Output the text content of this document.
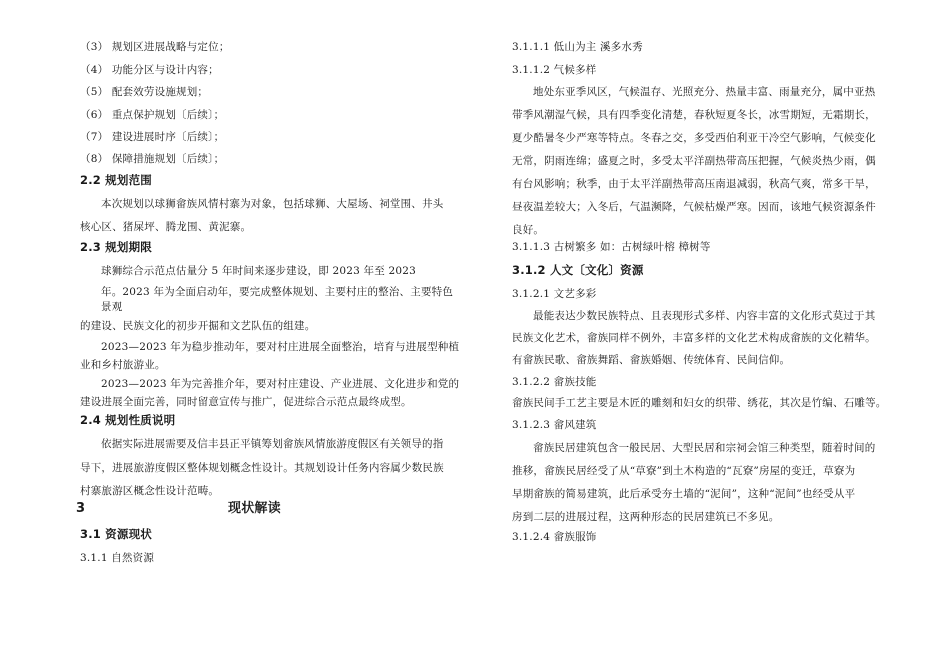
（3） 规划区进展战略与定位；
（4） 功能分区与设计内容；
（5） 配套效劳设施规划；
（6） 重点保护规划〔后续〕；
（7） 建设进展时序〔后续〕；
（8） 保障措施规划〔后续〕；
2.2 规划范围
本次规划以球狮畲族风情村寨为对象，包括球狮、大屋场、祠堂围、井头
核心区、猪屎坪、腾龙围、黄泥寨。
2.3 规划期限
球狮综合示范点估量分 5 年时间来逐步建设，即 2023 年至 2023
年。2023 年为全面启动年，要完成整体规划、主要村庄的整治、主要特色
景观
的建设、民族文化的初步开掘和文艺队伍的组建。
2023—2023 年为稳步推动年，要对村庄进展全面整治，培育与进展型种植
业和乡村旅游业。
2023—2023 年为完善推介年，要对村庄建设、产业进展、文化进步和党的
建设进展全面完善，同时留意宣传与推广，促进综合示范点最终成型。
2.4 规划性质说明
依据实际进展需要及信丰县正平镇筹划畲族风情旅游度假区有关领导的指
导下，进展旅游度假区整体规划概念性设计。其规划设计任务内容属少数民族
村寨旅游区概念性设计范畴。
3	现状解读
3.1 资源现状
3.1.1 自然资源
3.1.1.1 低山为主 溪多水秀
3.1.1.2 气候多样
地处东亚季风区，气候温存、光照充分、热量丰富、雨量充分，属中亚热
带季风潮湿气候，具有四季变化清楚，春秋短夏冬长，冰雪期短，无霜期长，
夏少酷暑冬少严寒等特点。冬春之交，多受西伯利亚干冷空气影响，气候变化
无常，阴雨连绵；盛夏之时，多受太平洋副热带高压把握，气候炎热少雨，偶
有台风影响；秋季，由于太平洋副热带高压南退减弱，秋高气爽，常多干旱，
昼夜温差较大；入冬后，气温濒降，气候枯燥严寒。因而，该地气候资源条件
良好。
3.1.1.3 古树繁多 如：古树绿叶榕 樟树等
3.1.2 人文〔文化〕资源
3.1.2.1 文艺多彩
最能表达少数民族特点、且表现形式多样、内容丰富的文化形式莫过于其
民族文化艺术，畲族同样不例外，丰富多样的文化艺术构成畲族的文化精华。
有畲族民歌、畲族舞蹈、畲族婚姻、传统体育、民间信仰。
3.1.2.2 畲族技能
畲族民间手工艺主要是木匠的雕刻和妇女的织带、绣花，其次是竹编、石雕等。
3.1.2.3 畲风建筑
畲族民居建筑包含一般民居、大型民居和宗祠会馆三种类型，随着时间的
推移，畲族民居经受了从“草寮”到土木构造的“瓦寮”房屋的变迁，草寮为
早期畲族的简易建筑，此后承受夯土墙的“泥间”，这种“泥间”也经受从平
房到二层的进展过程，这两种形态的民居建筑已不多见。
3.1.2.4 畲族服饰
